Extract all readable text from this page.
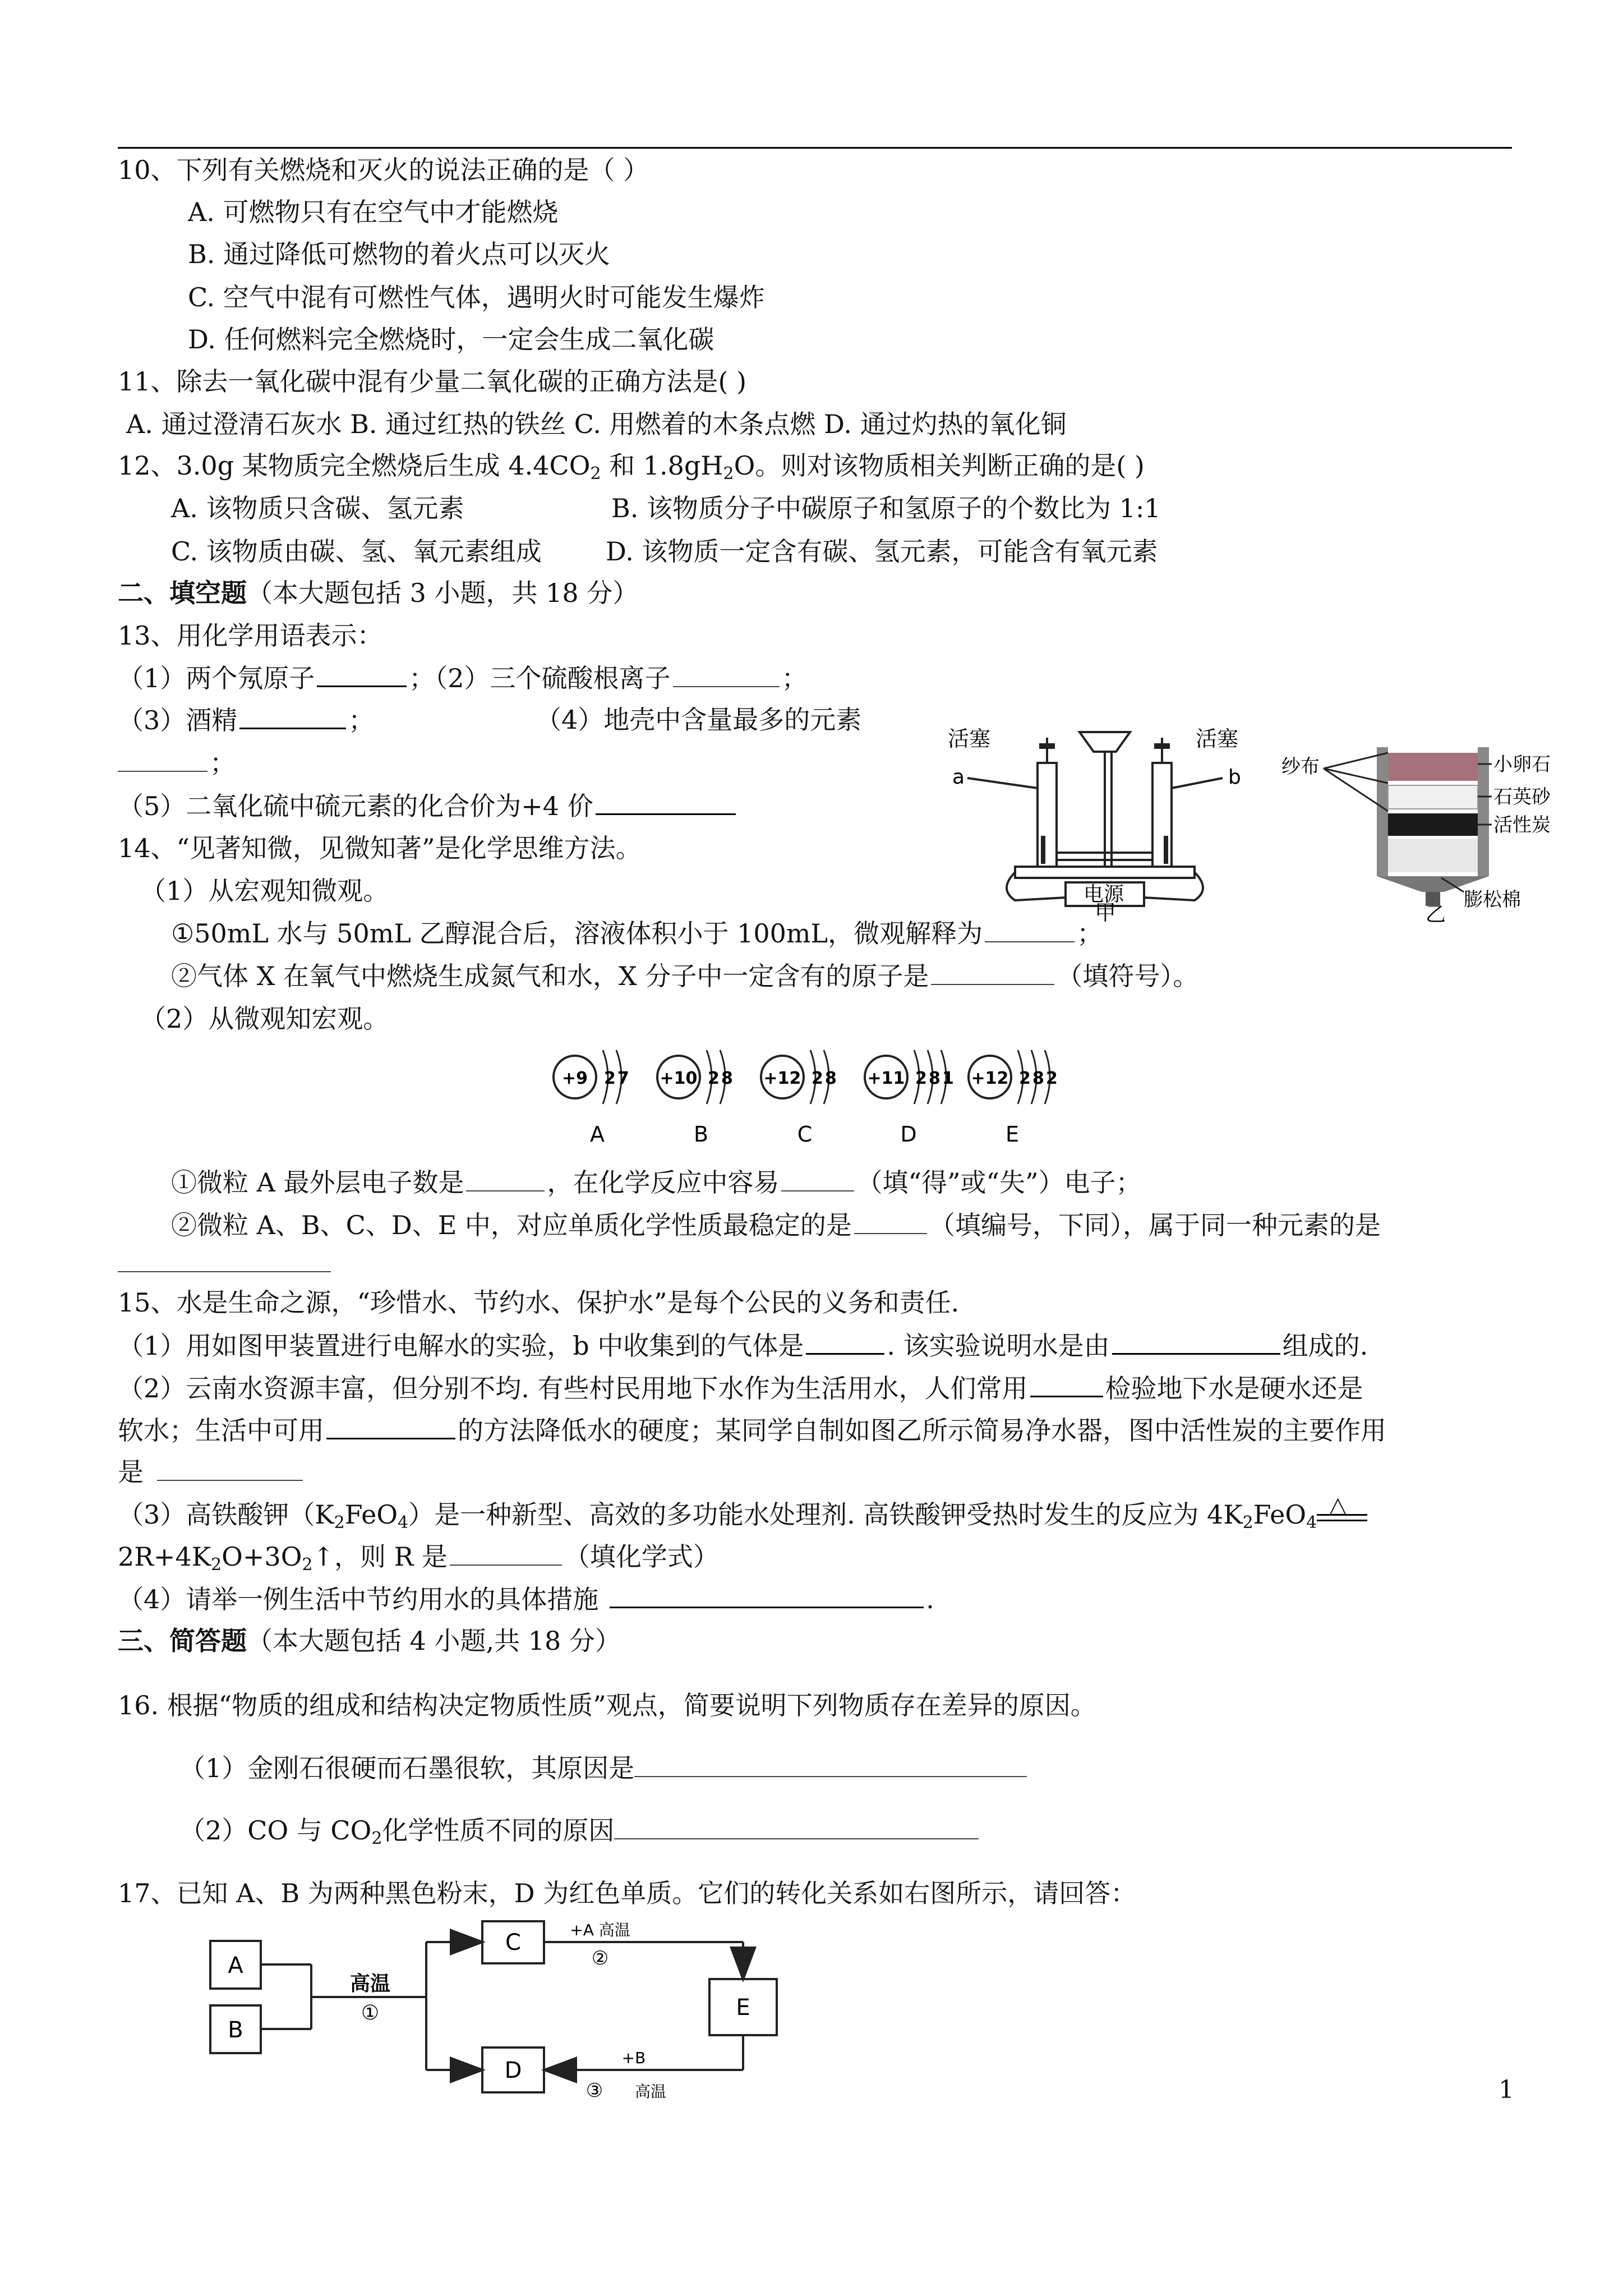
10、下列有关燃烧和灭火的说法正确的是（ ）
A. 可燃物只有在空气中才能燃烧
B. 通过降低可燃物的着火点可以灭火
C. 空气中混有可燃性气体，遇明火时可能发生爆炸
D. 任何燃料完全燃烧时，一定会生成二氧化碳
11、除去一氧化碳中混有少量二氧化碳的正确方法是( )
A. 通过澄清石灰水 B. 通过红热的铁丝 C. 用燃着的木条点燃 D. 通过灼热的氧化铜
12、3.0g 某物质完全燃烧后生成 $4.4CO_2$ 和 $1.8gH_2O$。则对该物质相关判断正确的是( )
A. 该物质只含碳、氢元素	B. 该物质分子中碳原子和氢原子的个数比为 1:1
C. 该物质由碳、氢、氧元素组成 D. 该物质一定含有碳、氢元素，可能含有氧元素
二、填空题（本大题包括 3 小题，共 18 分）
13、用化学用语表示：
（1）两个氖原子	；（2）三个硫酸根离子	；
（3）酒精	；	（4）地壳中含量最多的元素
；
（5）二氧化硫中硫元素的化合价为+4 价
14、“见著知微，见微知著”是化学思维方法。
（1）从宏观知微观。
①50mL 水与 50mL 乙醇混合后，溶液体积小于 100mL，微观解释为	；
②气体 X 在氧气中燃烧生成氮气和水，X 分子中一定含有的原子是	（填符号）。
（2）从微观知宏观。
+9 2 7
A
+10 2 8
B
+12 2 8
C
+11 2 8 1
D
+12 2 8 2
E
①微粒 A 最外层电子数是	，在化学反应中容易	（填“得”或“失”）电子；
②微粒 A、B、C、D、E 中，对应单质化学性质最稳定的是	（填编号，下同），属于同一种元素的是
活塞	活塞
a	b
电源
甲
纱布	小卵石
石英砂
活性炭
膨松棉
乙
15、水是生命之源，“珍惜水、节约水、保护水”是每个公民的义务和责任.
（1）用如图甲装置进行电解水的实验，b 中收集到的气体是	. 该实验说明水是由	组成的.
（2）云南水资源丰富，但分别不均. 有些村民用地下水作为生活用水，人们常用	检验地下水是硬水还是
软水；生活中可用	的方法降低水的硬度；某同学自制如图乙所示简易净水器，图中活性炭的主要作用
是
（3）高铁酸钾$(K_2FeO_4)$是一种新型、高效的多功能水处理剂. 高铁酸钾受热时发生的反应为 $4K_2FeO_4$
△
$2R+4K_2O+3O_2↑$，则 R 是	（填化学式）
（4）请举一例生活中节约用水的具体措施	.
三、简答题（本大题包括 4 小题,共 18 分）
16. 根据“物质的组成和结构决定物质性质”观点，简要说明下列物质存在差异的原因。
（1）金刚石很硬而石墨很软，其原因是
（2）CO 与 $CO_2$化学性质不同的原因
17、已知 A、B 为两种黑色粉末，D 为红色单质。它们的转化关系如右图所示，请回答：
A
B
C
D
E
高温
①
+A 高温
②
+B
③ 高温	1
